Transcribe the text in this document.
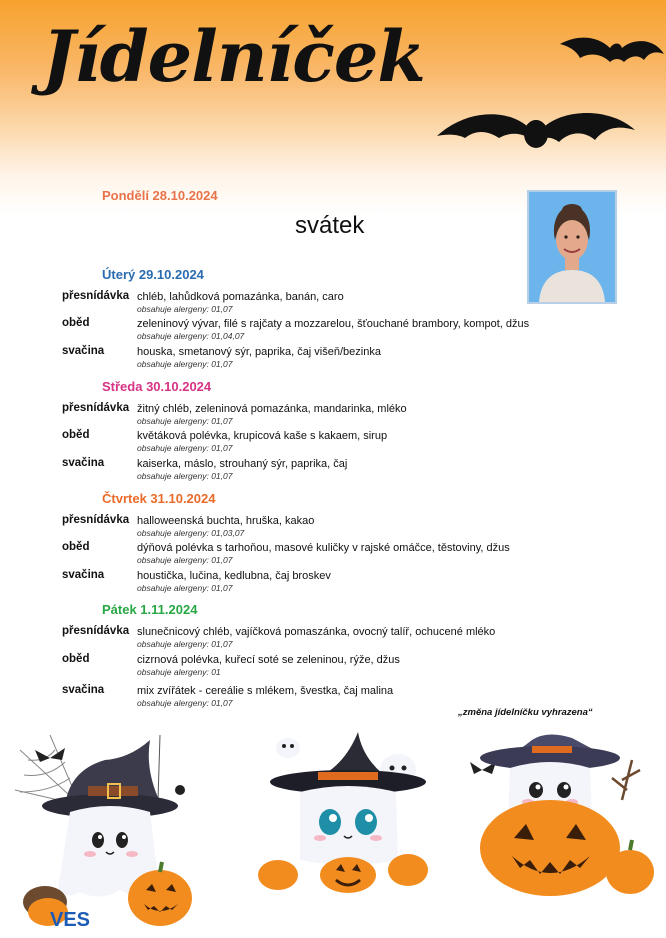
Jídelníček
Pondělí 28.10.2024
svátek
Úterý 29.10.2024
přesnídávka chléb, lahůdková pomazánka, banán, caro
obsahuje alergeny: 01,07
oběd	zeleninový vývar, filé s rajčaty a mozzarelou, šťouchané brambory, kompot, džus
obsahuje alergeny: 01,04,07
svačina	houska, smetanový sýr, paprika, čaj višeň/bezinka
obsahuje alergeny: 01,07
Středa 30.10.2024
přesnídávka žitný chléb, zeleninová pomazánka, mandarinka, mléko
obsahuje alergeny: 01,07
oběd	květáková polévka, krupicová kaše s kakaem, sirup
obsahuje alergeny: 01,07
svačina	kaiserka, máslo, strouhaný sýr, paprika, čaj
obsahuje alergeny: 01,07
Čtvrtek 31.10.2024
přesnídávka halloweenská buchta, hruška, kakao
obsahuje alergeny: 01,03,07
oběd	dýňová polévka s tarhoňou, masové kuličky v rajské omáčce, těstoviny, džus
obsahuje alergeny: 01,07
svačina	houstička, lučina, kedlubna, čaj broskev
obsahuje alergeny: 01,07
Pátek 1.11.2024
přesnídávka slunečnicový chléb, vajíčková pomaszánka, ovocný talíř, ochucené mléko
obsahuje alergeny: 01,07
oběd	cizrnová polévka, kuřecí soté se zeleninou, rýže, džus
obsahuje alergeny: 01
svačina	mix zvířátek - cereálie s mlékem, švestka, čaj malina
obsahuje alergeny: 01,07
„změna jídelníčku vyhrazena“
VES
